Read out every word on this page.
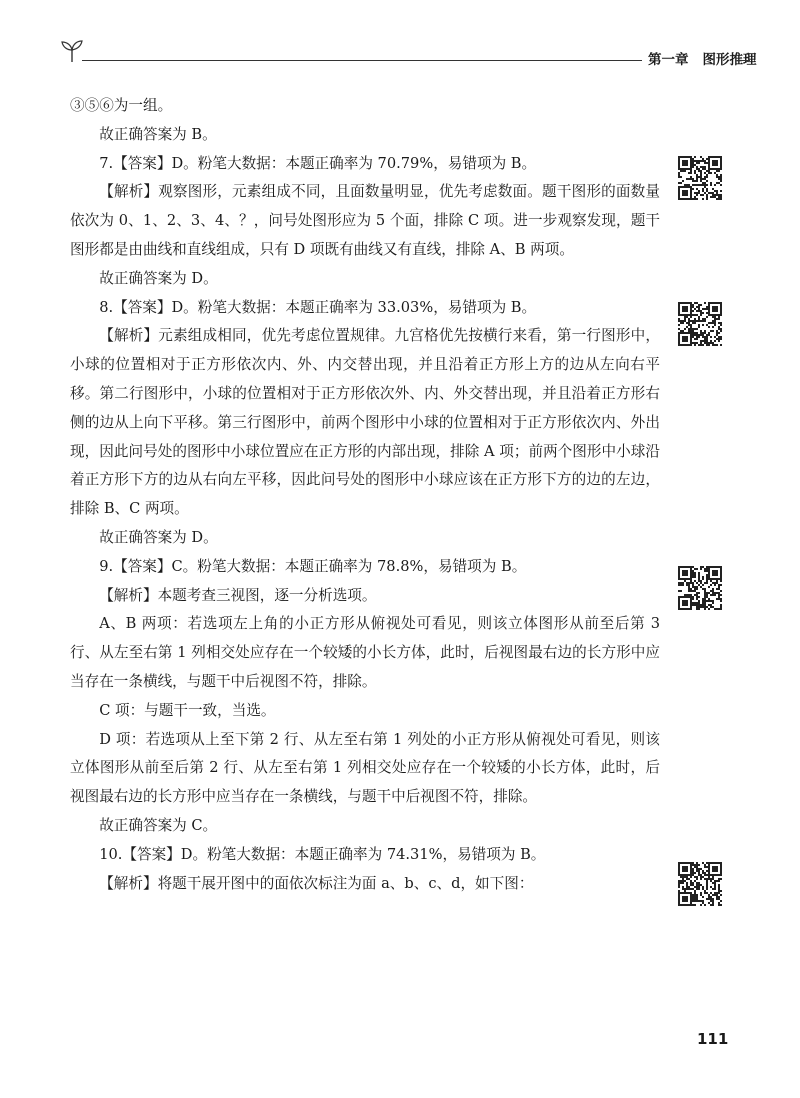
第一章 图形推理

③⑤⑥为一组。

故正确答案为 B。

7.【答案】D。粉笔大数据：本题正确率为 70.79%，易错项为 B。

【解析】观察图形，元素组成不同，且面数量明显，优先考虑数面。题干图形的面数量依次为 0、1、2、3、4、？，问号处图形应为 5 个面，排除 C 项。进一步观察发现，题干图形都是由曲线和直线组成，只有 D 项既有曲线又有直线，排除 A、B 两项。

故正确答案为 D。

8.【答案】D。粉笔大数据：本题正确率为 33.03%，易错项为 B。

【解析】元素组成相同，优先考虑位置规律。九宫格优先按横行来看，第一行图形中，小球的位置相对于正方形依次内、外、内交替出现，并且沿着正方形上方的边从左向右平移。第二行图形中，小球的位置相对于正方形依次外、内、外交替出现，并且沿着正方形右侧的边从上向下平移。第三行图形中，前两个图形中小球的位置相对于正方形依次内、外出现，因此问号处的图形中小球位置应在正方形的内部出现，排除 A 项；前两个图形中小球沿着正方形下方的边从右向左平移，因此问号处的图形中小球应该在正方形下方的边的左边，排除 B、C 两项。

故正确答案为 D。

9.【答案】C。粉笔大数据：本题正确率为 78.8%，易错项为 B。

【解析】本题考查三视图，逐一分析选项。

A、B 两项：若选项左上角的小正方形从俯视处可看见，则该立体图形从前至后第 3 行、从左至右第 1 列相交处应存在一个较矮的小长方体，此时，后视图最右边的长方形中应当存在一条横线，与题干中后视图不符，排除。

C 项：与题干一致，当选。

D 项：若选项从上至下第 2 行、从左至右第 1 列处的小正方形从俯视处可看见，则该立体图形从前至后第 2 行、从左至右第 1 列相交处应存在一个较矮的小长方体，此时，后视图最右边的长方形中应当存在一条横线，与题干中后视图不符，排除。

故正确答案为 C。

10.【答案】D。粉笔大数据：本题正确率为 74.31%，易错项为 B。

【解析】将题干展开图中的面依次标注为面 a、b、c、d，如下图：

111
